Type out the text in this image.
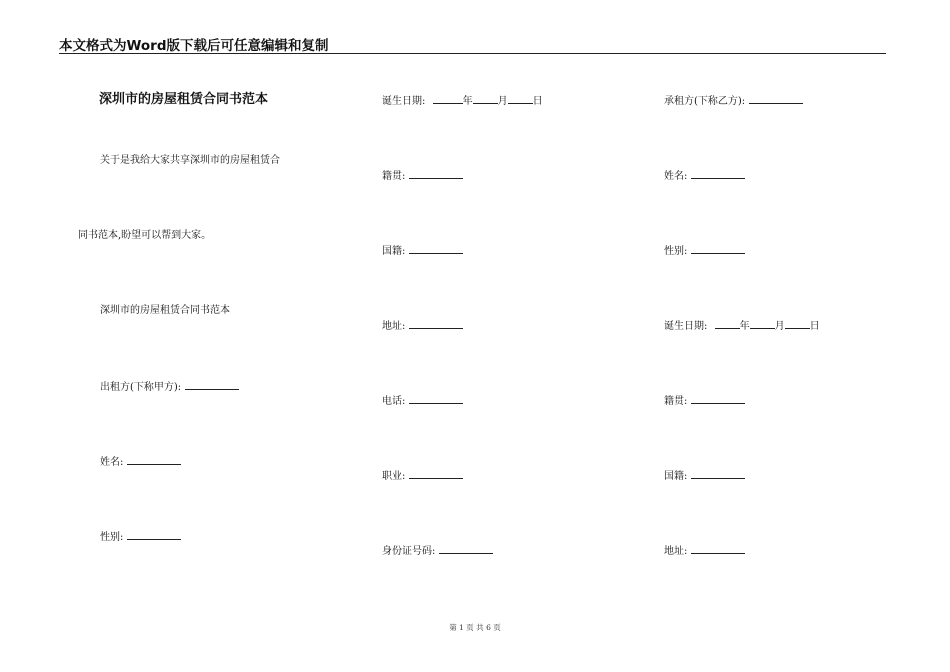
本文格式为Word版下载后可任意编辑和复制
深圳市的房屋租赁合同书范本
关于是我给大家共享深圳市的房屋租赁合
同书范本,盼望可以帮到大家。
深圳市的房屋租赁合同书范本
出租方(下称甲方):
姓名:
性别:
诞生日期:	年	月	日
籍贯:
国籍:
地址:
电话:
职业:
身份证号码:
承租方(下称乙方):
姓名:
性别:
诞生日期:	年	月	日
籍贯:
国籍:
地址:
第 1 页 共 6 页
